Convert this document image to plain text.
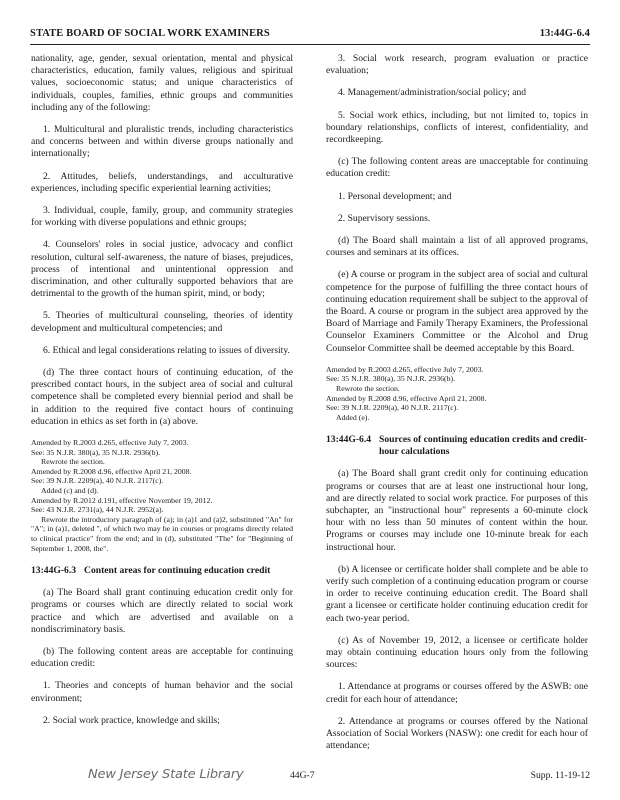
STATE BOARD OF SOCIAL WORK EXAMINERS	13:44G-6.4

nationality, age, gender, sexual orientation, mental and physical characteristics, education, family values, religious and spiritual values, socioeconomic status; and unique characteristics of individuals, couples, families, ethnic groups and communities including any of the following:

1. Multicultural and pluralistic trends, including characteristics and concerns between and within diverse groups nationally and internationally;

2. Attitudes, beliefs, understandings, and acculturative experiences, including specific experiential learning activities;

3. Individual, couple, family, group, and community strategies for working with diverse populations and ethnic groups;

4. Counselors' roles in social justice, advocacy and conflict resolution, cultural self-awareness, the nature of biases, prejudices, process of intentional and unintentional oppression and discrimination, and other culturally supported behaviors that are detrimental to the growth of the human spirit, mind, or body;

5. Theories of multicultural counseling, theories of identity development and multicultural competencies; and

6. Ethical and legal considerations relating to issues of diversity.

(d) The three contact hours of continuing education, of the prescribed contact hours, in the subject area of social and cultural competence shall be completed every biennial period and shall be in addition to the required five contact hours of continuing education in ethics as set forth in (a) above.

Amended by R.2003 d.265, effective July 7, 2003.
See: 35 N.J.R. 380(a), 35 N.J.R. 2936(b).
Rewrote the section.
Amended by R.2008 d.96, effective April 21, 2008.
See: 39 N.J.R. 2209(a), 40 N.J.R. 2117(c).
Added (c) and (d).
Amended by R.2012 d.191, effective November 19, 2012.
See: 43 N.J.R. 2731(a), 44 N.J.R. 2952(a).
Rewrote the introductory paragraph of (a); in (a)1 and (a)2, substituted "An" for "A"; in (a)1, deleted ", of which two may be in courses or programs directly related to clinical practice" from the end; and in (d), substituted "The" for "Beginning of September 1, 2008, the".
13:44G-6.3 Content areas for continuing education credit

(a) The Board shall grant continuing education credit only for programs or courses which are directly related to social work practice and which are advertised and available on a nondiscriminatory basis.

(b) The following content areas are acceptable for continuing education credit:

1. Theories and concepts of human behavior and the social environment;

2. Social work practice, knowledge and skills;

3. Social work research, program evaluation or practice evaluation;

4. Management/administration/social policy; and

5. Social work ethics, including, but not limited to, topics in boundary relationships, conflicts of interest, confidentiality, and recordkeeping.

(c) The following content areas are unacceptable for continuing education credit:

1. Personal development; and

2. Supervisory sessions.

(d) The Board shall maintain a list of all approved programs, courses and seminars at its offices.

(e) A course or program in the subject area of social and cultural competence for the purpose of fulfilling the three contact hours of continuing education requirement shall be subject to the approval of the Board. A course or program in the subject area approved by the Board of Marriage and Family Therapy Examiners, the Professional Counselor Examiners Committee or the Alcohol and Drug Counselor Committee shall be deemed acceptable by this Board.

Amended by R.2003 d.265, effective July 7, 2003.
See: 35 N.J.R. 380(a), 35 N.J.R. 2936(b).
Rewrote the section.
Amended by R.2008 d.96, effective April 21, 2008.
See: 39 N.J.R. 2209(a), 40 N.J.R. 2117(c).
Added (e).
13:44G-6.4 Sources of continuing education credits and credit-hour calculations

(a) The Board shall grant credit only for continuing education programs or courses that are at least one instructional hour long, and are directly related to social work practice. For purposes of this subchapter, an "instructional hour" represents a 60-minute clock hour with no less than 50 minutes of content within the hour. Programs or courses may include one 10-minute break for each instructional hour.

(b) A licensee or certificate holder shall complete and be able to verify such completion of a continuing education program or course in order to receive continuing education credit. The Board shall grant a licensee or certificate holder continuing education credit for each two-year period.

(c) As of November 19, 2012, a licensee or certificate holder may obtain continuing education hours only from the following sources:

1. Attendance at programs or courses offered by the ASWB: one credit for each hour of attendance;

2. Attendance at programs or courses offered by the National Association of Social Workers (NASW): one credit for each hour of attendance;

New Jersey State Library	44G-7	Supp. 11-19-12
